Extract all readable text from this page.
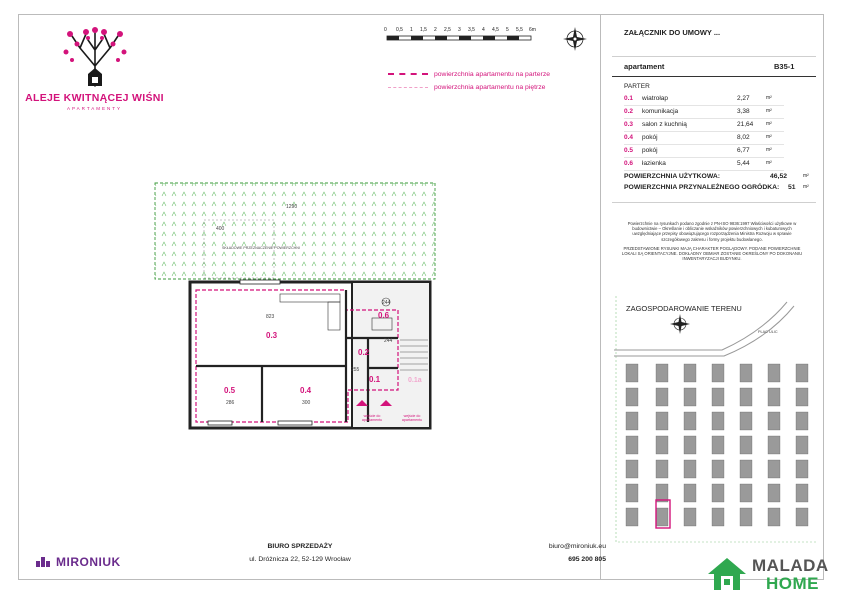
ALEJE KWITNĄCEJ WIŚNI
APARTAMENTY
0 0,5 1 1,5 2 2,5 3 3,5 4 4,5 5 5,5 6m
powierzchnia apartamentu na parterze
powierzchnia apartamentu na piętrze
1290
400
SKŁADOWE PRZEZNACZENIE POWIERZCHNI
0.3
823	0.6
244
0.2
244
0.1
255
0.5
286
0.4
300
0.1a
wejście do apartamentu
wejście do apartamentu
ZAŁĄCZNIK DO UMOWY ...
apartament	B35-1
PARTER
0.1 wiatrołap	2,27	m²
0.2 komunikacja	3,38	m²
0.3 salon z kuchnią	21,64	m²
0.4 pokój	8,02	m²
0.5 pokój	6,77	m²
0.6 łazienka	5,44	m²
POWIERZCHNIA UŻYTKOWA:	46,52	m²
POWIERZCHNIA PRZYNALEŻNEGO OGRÓDKA: 51 m²
Powierzchnie na rysunkach podano zgodnie z PN-ISO 9836:1997 Właściwości użytkowe w
budownictwie – Określanie i obliczanie wskaźników powierzchniowych i kubaturowych
uwzględniające przepisy obowiązującego rozporządzenia Ministra Rozwoju w sprawie
szczegółowego zakresu i formy projektu budowlanego.
PRZEDSTAWIONE RYSUNKI MAJĄ CHARAKTER POGLĄDOWY. PODANE POWIERZCHNIE
LOKALI SĄ ORIENTACYJNE. DOKŁADNY OBMIAR ZOSTANIE OKREŚLONY PO DOKONANIU
INWENTARYZACJI BUDYNKU.
ZAGOSPODAROWANIE TERENU
PLAC ULIC
MIRONIUK
BIURO SPRZEDAŻY
ul. Dróżnicza 22, 52-129 Wrocław
biuro@mironiuk.eu
695 200 805	MALADA
HOME
